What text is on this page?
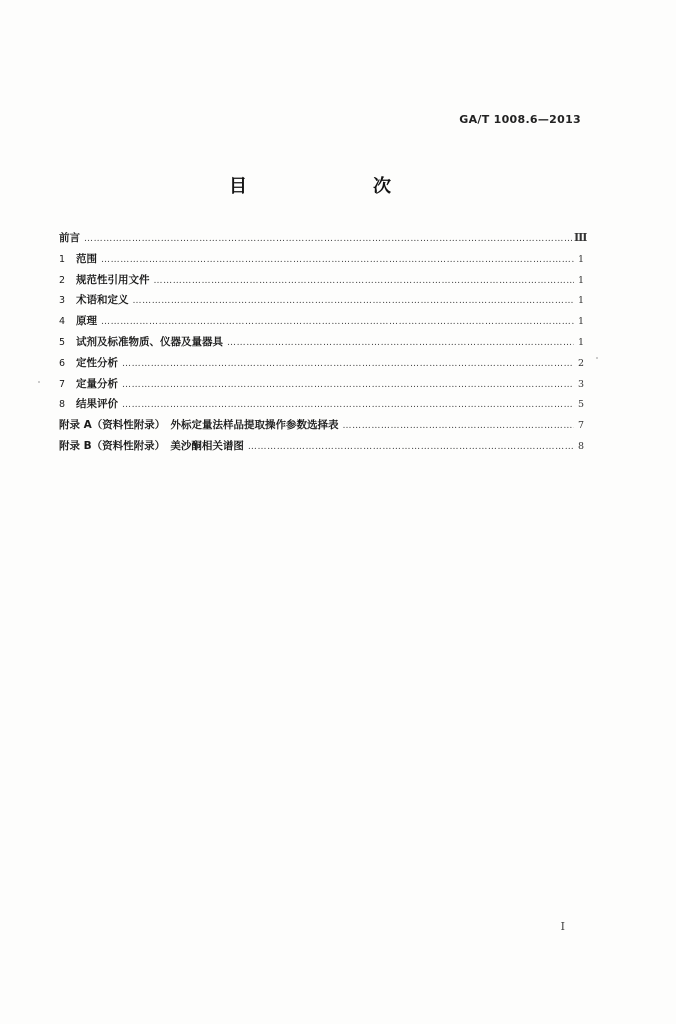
GA/T 1008.6—2013
目　　次
前言 …………………………………………………………………………………………………………………………………………………………………………………………………………	Ⅲ
1	范围 …………………………………………………………………………………………………………………………………………………………………………………………………………	1
2	规范性引用文件 …………………………………………………………………………………………………………………………………………………………………………………………………………	1
3	术语和定义 …………………………………………………………………………………………………………………………………………………………………………………………………………	1
4	原理 …………………………………………………………………………………………………………………………………………………………………………………………………………	1
5	试剂及标准物质、仪器及量器具 …………………………………………………………………………………………………………………………………………………………………………………………………………	1
6	定性分析 …………………………………………………………………………………………………………………………………………………………………………………………………………	2
7	定量分析 …………………………………………………………………………………………………………………………………………………………………………………………………………	3
8	结果评价 …………………………………………………………………………………………………………………………………………………………………………………………………………	5
附录 A（资料性附录）　外标定量法样品提取操作参数选择表 …………………………………………………………………………………………………………………………………………………………………………………………………………	7
附录 B（资料性附录）　美沙酮相关谱图 …………………………………………………………………………………………………………………………………………………………………………………………………………	8
I
